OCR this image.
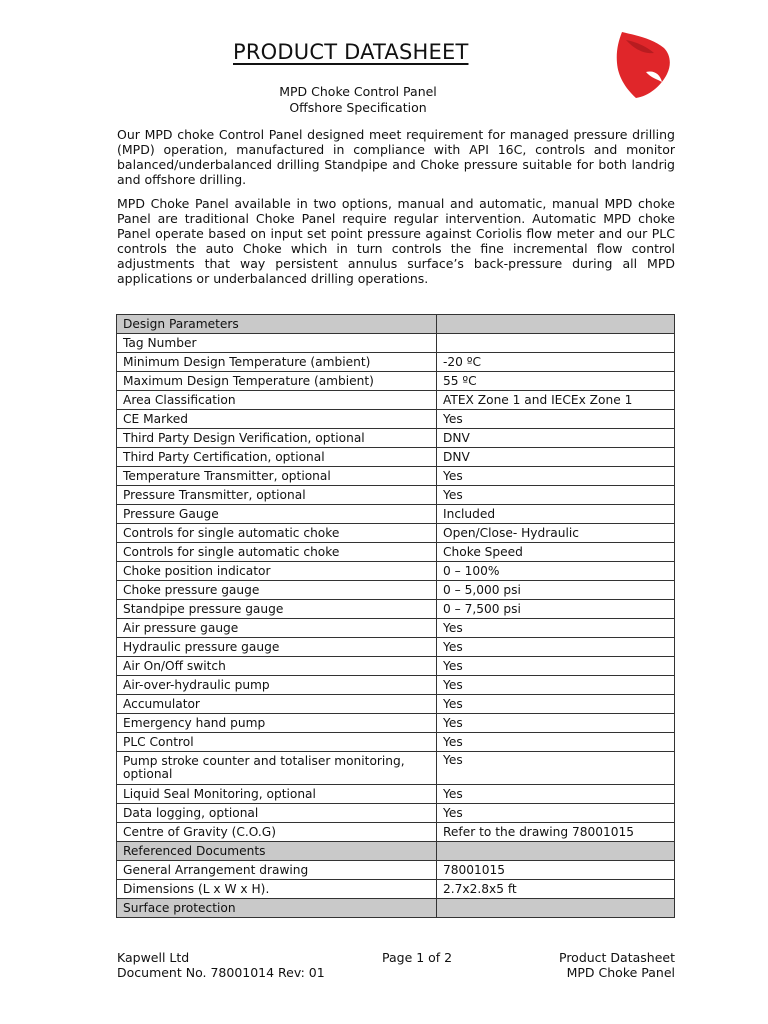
PRODUCT DATASHEET
MPD Choke Control Panel
Offshore Specification

Our MPD choke Control Panel designed meet requirement for managed pressure drilling (MPD) operation, manufactured in compliance with API 16C, controls and monitor balanced/underbalanced drilling Standpipe and Choke pressure suitable for both landrig and offshore drilling.

MPD Choke Panel available in two options, manual and automatic, manual MPD choke Panel are traditional Choke Panel require regular intervention. Automatic MPD choke Panel operate based on input set point pressure against Coriolis flow meter and our PLC controls the auto Choke which in turn controls the fine incremental flow control adjustments that way persistent annulus surface’s back-pressure during all MPD applications or underbalanced drilling operations.

Design Parameters	
Tag Number	
Minimum Design Temperature (ambient)	-20 ºC
Maximum Design Temperature (ambient)	55 ºC
Area Classification	ATEX Zone 1 and IECEx Zone 1
CE Marked	Yes
Third Party Design Verification, optional	DNV
Third Party Certification, optional	DNV
Temperature Transmitter, optional	Yes
Pressure Transmitter, optional	Yes
Pressure Gauge	Included
Controls for single automatic choke	Open/Close- Hydraulic
Controls for single automatic choke	Choke Speed
Choke position indicator	0 – 100%
Choke pressure gauge	0 – 5,000 psi
Standpipe pressure gauge	0 – 7,500 psi
Air pressure gauge	Yes
Hydraulic pressure gauge	Yes
Air On/Off switch	Yes
Air-over-hydraulic pump	Yes
Accumulator	Yes
Emergency hand pump	Yes
PLC Control	Yes
Pump stroke counter and totaliser monitoring, optional	Yes
Liquid Seal Monitoring, optional	Yes
Data logging, optional	Yes
Centre of Gravity (C.O.G)	Refer to the drawing 78001015
Referenced Documents	
General Arrangement drawing	78001015
Dimensions (L x W x H).	2.7x2.8x5 ft
Surface protection	
Kapwell Ltd
Document No. 78001014 Rev: 01
Page 1 of 2	Product Datasheet
MPD Choke Panel
